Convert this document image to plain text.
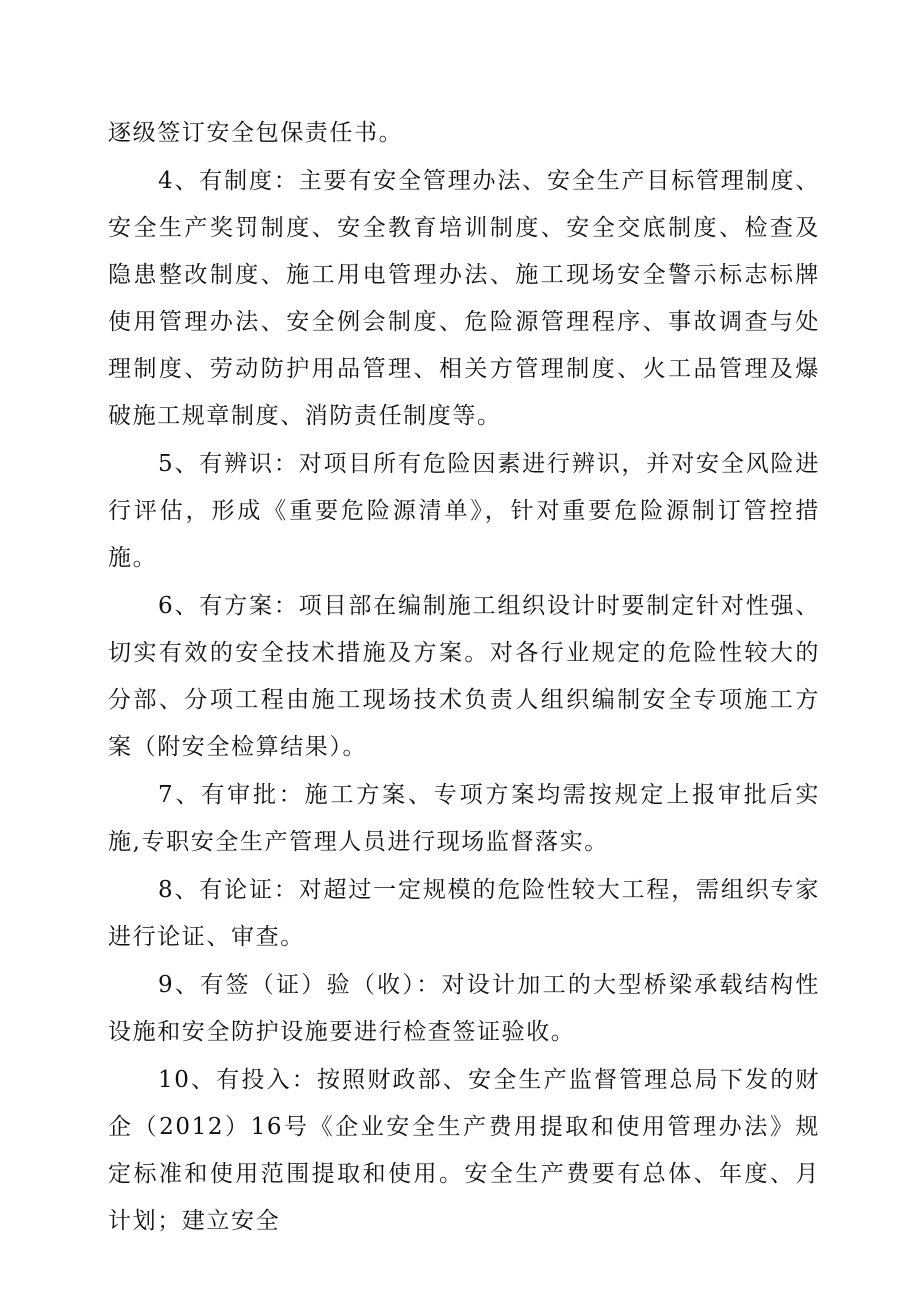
逐级签订安全包保责任书。

4、有制度：主要有安全管理办法、安全生产目标管理制度、安全生产奖罚制度、安全教育培训制度、安全交底制度、检查及隐患整改制度、施工用电管理办法、施工现场安全警示标志标牌使用管理办法、安全例会制度、危险源管理程序、事故调查与处理制度、劳动防护用品管理、相关方管理制度、火工品管理及爆破施工规章制度、消防责任制度等。

5、有辨识：对项目所有危险因素进行辨识，并对安全风险进行评估，形成《重要危险源清单》，针对重要危险源制订管控措施。

6、有方案：项目部在编制施工组织设计时要制定针对性强、切实有效的安全技术措施及方案。对各行业规定的危险性较大的分部、分项工程由施工现场技术负责人组织编制安全专项施工方案（附安全检算结果）。

7、有审批：施工方案、专项方案均需按规定上报审批后实施,专职安全生产管理人员进行现场监督落实。

8、有论证：对超过一定规模的危险性较大工程，需组织专家进行论证、审查。

9、有签（证）验（收）：对设计加工的大型桥梁承载结构性设施和安全防护设施要进行检查签证验收。

10、有投入：按照财政部、安全生产监督管理总局下发的财企（2012）16号《企业安全生产费用提取和使用管理办法》规定标准和使用范围提取和使用。安全生产费要有总体、年度、月计划；建立安全
